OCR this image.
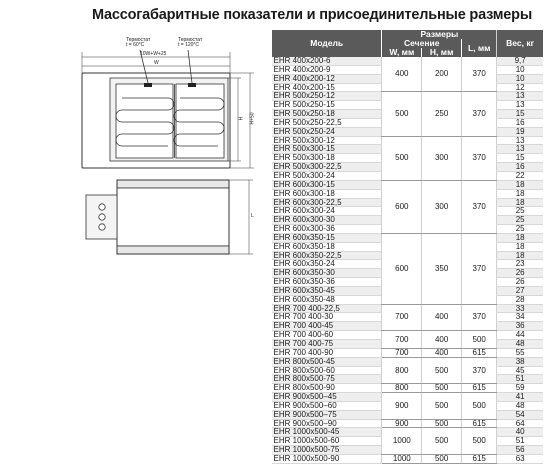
Массогабаритные показатели и присоединительные размеры
Термостат
t = 60°C
Термостат
t = 120°C
10W+W+25
W
H H+50
L
Модель	Размеры			Вес, кг
	Сечение		L, мм	
	W, мм	H, мм		
EHR 400x200-6	400	200	370	9,7
EHR 400x200-9				10
EHR 400x200-12				10
EHR 400x200-15				12
EHR 500x250-12	500	250	370	13
EHR 500x250-15				13
EHR 500x250-18				15
EHR 500x250-22,5				16
EHR 500x250-24				19
EHR 500x300-12	500	300	370	13
EHR 500x300-15				13
EHR 500x300-18				15
EHR 500x300-22,5				16
EHR 500x300-24				22
EHR 600x300-15	600	300	370	18
EHR 600x300-18				18
EHR 600x300-22,5				18
EHR 600x300-24				25
EHR 600x300-30				25
EHR 600x300-36				25
EHR 600x350-15	600	350	370	18
EHR 600x350-18				18
EHR 600x350-22,5				18
EHR 600x350-24				23
EHR 600x350-30				26
EHR 600x350-36				26
EHR 600x350-45				27
EHR 600x350-48				28
EHR 700 400-22,5	700	400	370	33
EHR 700 400-30				34
EHR 700 400-45				36
EHR 700 400-60	700	400	500	44
EHR 700 400-75				48
EHR 700 400-90	700	400	615	55
EHR 800x500-45	800	500	370	38
EHR 800x500-60				45
EHR 800x500-75				51
EHR 800x500-90	800	500	615	59
EHR 900x500–45	900	500	500	41
EHR 900x500–60				48
EHR 900x500–75				54
EHR 900x500–90	900	500	615	64
EHR 1000x500-45	1000	500	500	40
EHR 1000x500-60				51
EHR 1000x500-75				56
EHR 1000x500-90	1000	500	615	63
